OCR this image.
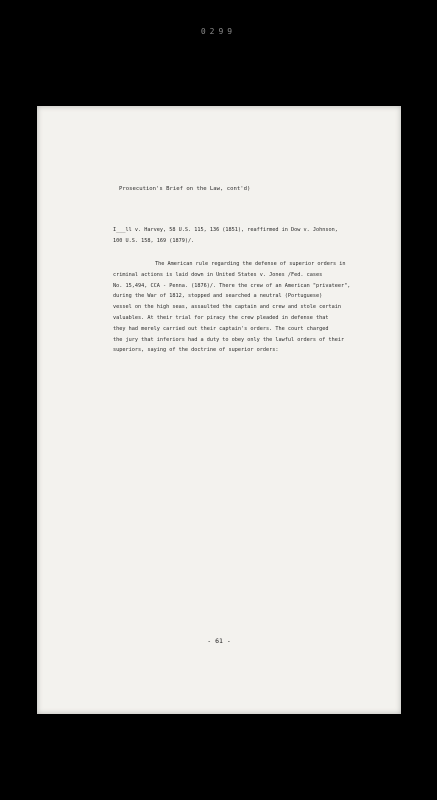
0299
Prosecution's Brief on the Law, cont'd)
I___ll v. Harvey, 58 U.S. 115, 136 (1851), reaffirmed in Dow v. Johnson,
100 U.S. 158, 169 (1879)/.
The American rule regarding the defense of superior orders in
criminal actions is laid down in United States v. Jones /Fed. cases
No. 15,494, CCA - Penna. (1876)/. There the crew of an American "privateer",
during the War of 1812, stopped and searched a neutral (Portuguese)
vessel on the high seas, assaulted the captain and crew and stole certain
valuables. At their trial for piracy the crew pleaded in defense that
they had merely carried out their captain's orders. The court charged
the jury that inferiors had a duty to obey only the lawful orders of their
superiors, saying of the doctrine of superior orders:
- 61 -
